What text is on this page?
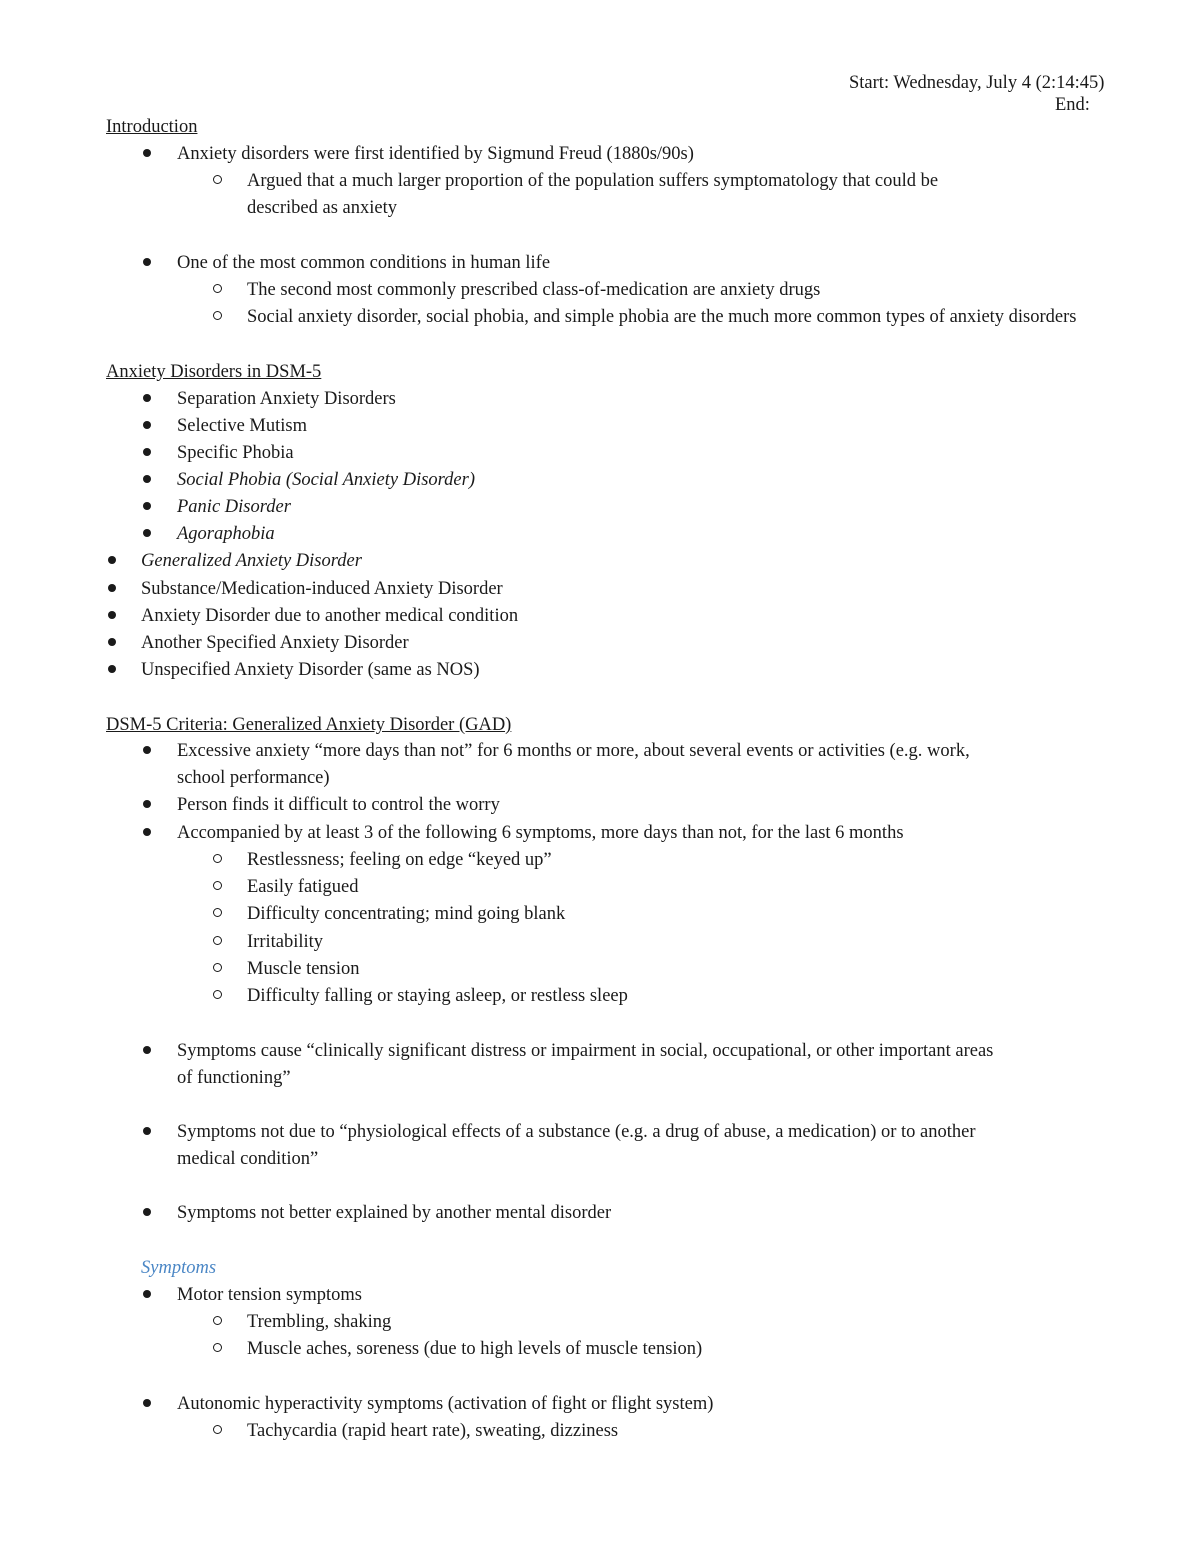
Start: Wednesday, July 4 (2:14:45)
End:
Introduction
Anxiety disorders were first identified by Sigmund Freud (1880s/90s)
Argued that a much larger proportion of the population suffers symptomatology that could be
described as anxiety
One of the most common conditions in human life
The second most commonly prescribed class-of-medication are anxiety drugs
Social anxiety disorder, social phobia, and simple phobia are the much more common types of anxiety disorders
Anxiety Disorders in DSM-5
Separation Anxiety Disorders
Selective Mutism
Specific Phobia
Social Phobia (Social Anxiety Disorder)
Panic Disorder
Agoraphobia
Generalized Anxiety Disorder
Substance/Medication-induced Anxiety Disorder
Anxiety Disorder due to another medical condition
Another Specified Anxiety Disorder
Unspecified Anxiety Disorder (same as NOS)
DSM-5 Criteria: Generalized Anxiety Disorder (GAD)
Excessive anxiety “more days than not” for 6 months or more, about several events or activities (e.g. work,
school performance)
Person finds it difficult to control the worry
Accompanied by at least 3 of the following 6 symptoms, more days than not, for the last 6 months
Restlessness; feeling on edge “keyed up”
Easily fatigued
Difficulty concentrating; mind going blank
Irritability
Muscle tension
Difficulty falling or staying asleep, or restless sleep
Symptoms cause “clinically significant distress or impairment in social, occupational, or other important areas
of functioning”
Symptoms not due to “physiological effects of a substance (e.g. a drug of abuse, a medication) or to another
medical condition”
Symptoms not better explained by another mental disorder
Symptoms
Motor tension symptoms
Trembling, shaking
Muscle aches, soreness (due to high levels of muscle tension)
Autonomic hyperactivity symptoms (activation of fight or flight system)
Tachycardia (rapid heart rate), sweating, dizziness
